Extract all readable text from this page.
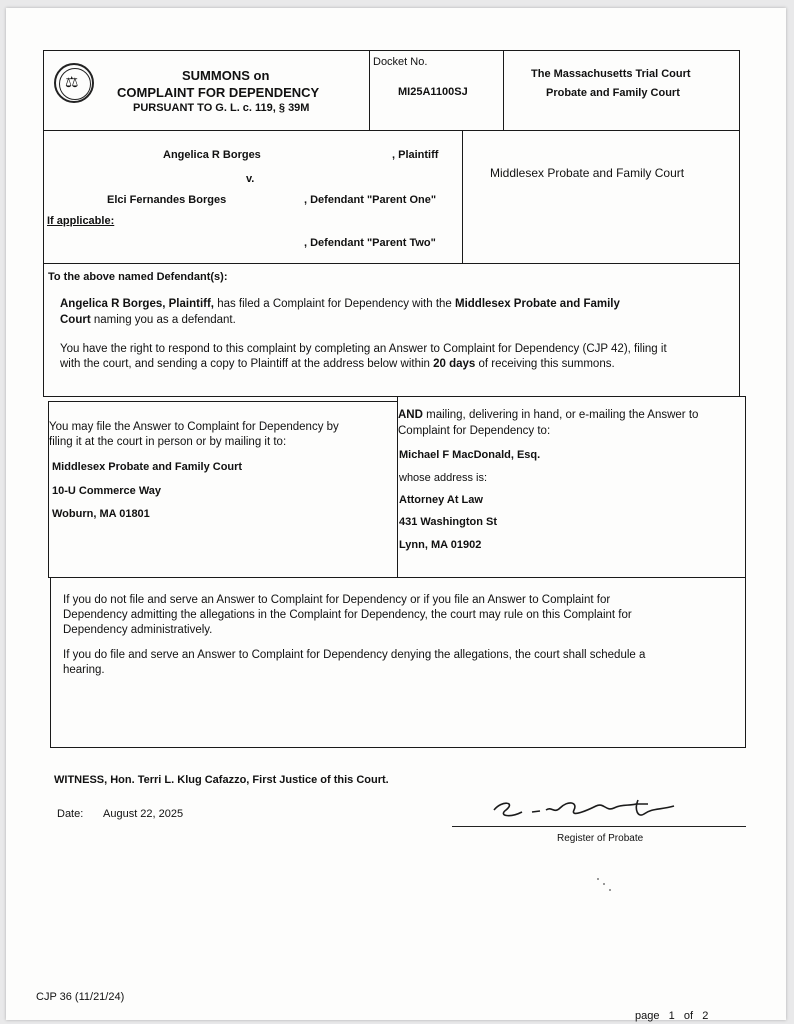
⚖	SUMMONS on
COMPLAINT FOR DEPENDENCY
PURSUANT TO G. L. c. 119, § 39M
Docket No.
MI25A1100SJ
The Massachusetts Trial Court
Probate and Family Court
Angelica R Borges	, Plaintiff
v.
Elci Fernandes Borges	, Defendant "Parent One"
If applicable:
, Defendant "Parent Two"
Middlesex Probate and Family Court
To the above named Defendant(s):
Angelica R Borges, Plaintiff, has filed a Complaint for Dependency with the Middlesex Probate and Family
Court naming you as a defendant.
You have the right to respond to this complaint by completing an Answer to Complaint for Dependency (CJP 42), filing it
with the court, and sending a copy to Plaintiff at the address below within 20 days of receiving this summons.
You may file the Answer to Complaint for Dependency by
filing it at the court in person or by mailing it to:
Middlesex Probate and Family Court
10-U Commerce Way
Woburn, MA 01801
AND mailing, delivering in hand, or e-mailing the Answer to
Complaint for Dependency to:
Michael F MacDonald, Esq.
whose address is:
Attorney At Law
431 Washington St
Lynn, MA 01902
If you do not file and serve an Answer to Complaint for Dependency or if you file an Answer to Complaint for
Dependency admitting the allegations in the Complaint for Dependency, the court may rule on this Complaint for
Dependency administratively.
If you do file and serve an Answer to Complaint for Dependency denying the allegations, the court shall schedule a
hearing.
WITNESS, Hon. Terri L. Klug Cafazzo, First Justice of this Court.
Date: August 22, 2025
Register of Probate
CJP 36 (11/21/24)
page   1   of   2
